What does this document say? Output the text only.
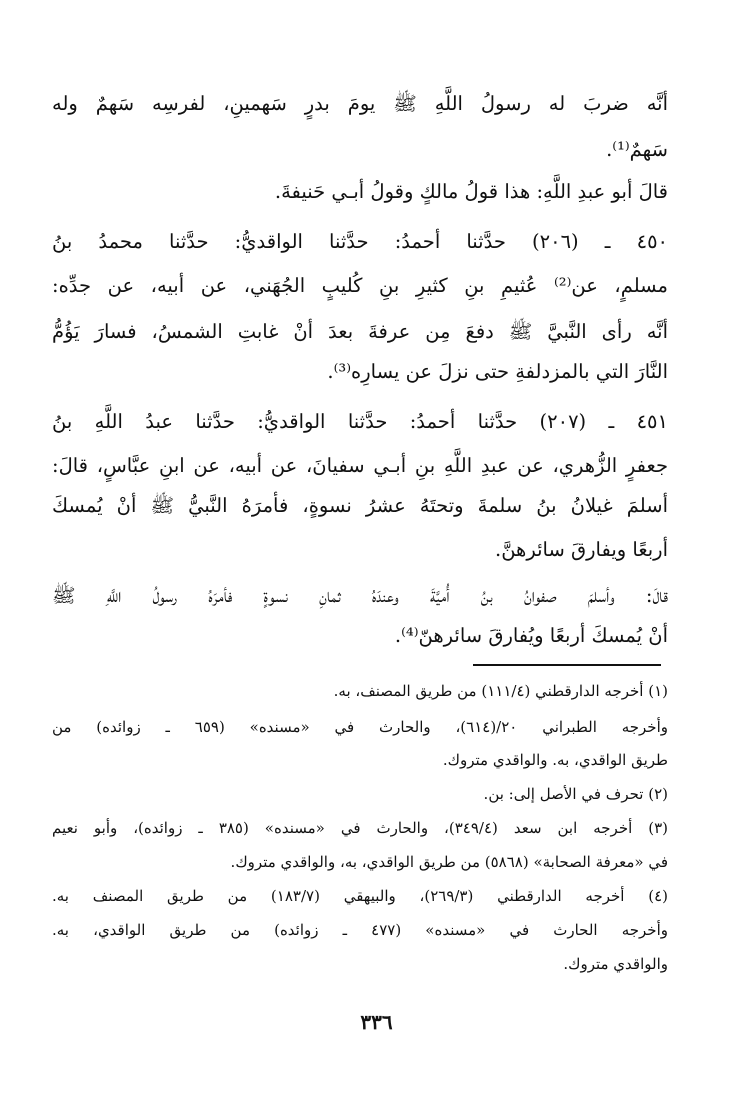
أنَّه ضربَ له رسولُ اللَّهِ ﷺ يومَ بدرٍ سَهمينِ، لفرسِه سَهمٌ وله
سَهمٌ⁽¹⁾.
قالَ أبو عبدِ اللَّهِ: هذا قولُ مالكٍ وقولُ أبـي حَنيفةَ.
٤٥٠ ـ (٢٠٦) حدَّثنا أحمدُ: حدَّثنا الواقديُّ: حدَّثنا محمدُ بنُ
مسلمٍ، عن⁽²⁾ عُثيمِ بنِ كثيرِ بنِ كُليبٍ الجُهَني، عن أبيه، عن جدِّه:
أنَّه رأى النَّبيَّ ﷺ دفعَ مِن عرفةَ بعدَ أنْ غابتِ الشمسُ، فسارَ يَؤُمُّ
النَّارَ التي بالمزدلفةِ حتى نزلَ عن يسارِه⁽³⁾.
٤٥١ ـ (٢٠٧) حدَّثنا أحمدُ: حدَّثنا الواقديُّ: حدَّثنا عبدُ اللَّهِ بنُ
جعفرٍ الزُّهري، عن عبدِ اللَّهِ بنِ أبـي سفيانَ، عن أبيه، عن ابنِ عبَّاسٍ، قالَ:
أسلمَ غيلانُ بنُ سلمةَ وتحتَهُ عشرُ نسوةٍ، فأمرَهُ النَّبيُّ ﷺ أنْ يُمسكَ
أربعًا ويفارقَ سائرهنَّ.
قالَ: وأسلمَ صفوانُ بنُ أُميَّةَ وعندَهُ ثمانِ نسوةٍ فأمرَهُ رسولُ اللَّهِ ﷺ
أنْ يُمسكَ أربعًا ويُفارقَ سائرهنّ⁽⁴⁾.
(١) أخرجه الدارقطني (١١١/٤) من طريق المصنف، به.
وأخرجه الطبراني ٢٠/(٦١٤)، والحارث في «مسنده» (٦٥٩ ـ زوائده) من
طريق الواقدي، به. والواقدي متروك.
(٢) تحرف في الأصل إلى: بن.
(٣) أخرجه ابن سعد (٣٤٩/٤)، والحارث في «مسنده» (٣٨٥ ـ زوائده)، وأبو نعيم
في «معرفة الصحابة» (٥٨٦٨) من طريق الواقدي، به، والواقدي متروك.
(٤) أخرجه الدارقطني (٢٦٩/٣)، والبيهقي (١٨٣/٧) من طريق المصنف به.
وأخرجه الحارث في «مسنده» (٤٧٧ ـ زوائده) من طريق الواقدي، به.
والواقدي متروك.
٣٣٦
